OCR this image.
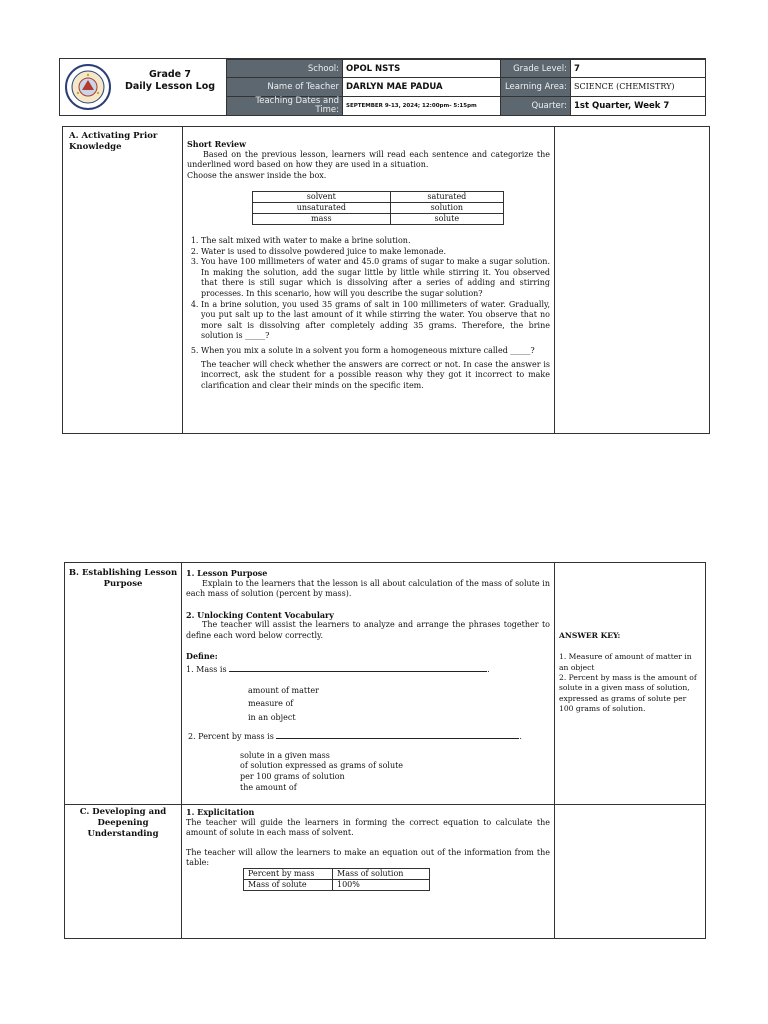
Grade 7
Daily Lesson Log
School:	OPOL NSTS	Grade Level:	7
Name of Teacher	DARLYN MAE PADUA	Learning Area:	SCIENCE (CHEMISTRY)
Teaching Dates and Time:	SEPTEMBER 9-13, 2024; 12:00pm- 5:15pm	Quarter:	1st Quarter, Week 7
A. Activating Prior Knowledge	Short Review
Based on the previous lesson, learners will read each sentence and categorize the underlined word based on how they are used in a situation.
Choose the answer inside the box.
solvent	saturated
unsaturated	solution
mass	solute
1. The salt mixed with water to make a brine solution.
2. Water is used to dissolve powdered juice to make lemonade.
3. You have 100 millimeters of water and 45.0 grams of sugar to make a sugar solution. In making the solution, add the sugar little by little while stirring it. You observed that there is still sugar which is dissolving after a series of adding and stirring processes. In this scenario, how will you describe the sugar solution?
4. In a brine solution, you used 35 grams of salt in 100 millimeters of water. Gradually, you put salt up to the last amount of it while stirring the water. You observe that no more salt is dissolving after completely adding 35 grams. Therefore, the brine solution is _____?
5. When you mix a solute in a solvent you form a homogeneous mixture called _____?
The teacher will check whether the answers are correct or not. In case the answer is incorrect, ask the student for a possible reason why they got it incorrect to make clarification and clear their minds on the specific item.
B. Establishing Lesson Purpose
1. Lesson Purpose
Explain to the learners that the lesson is all about calculation of the mass of solute in each mass of solution (percent by mass).
2. Unlocking Content Vocabulary
The teacher will assist the learners to analyze and arrange the phrases together to define each word below correctly.
Define:
1. Mass is	.
amount of matter
measure of
in an object
2. Percent by mass is	.
solute in a given mass
of solution expressed as grams of solute
per 100 grams of solution
the amount of

ANSWER KEY:

1. Measure of amount of matter in an object
2. Percent by mass is the amount of solute in a given mass of solution, expressed as grams of solute per 100 grams of solution.

C. Developing and Deepening Understanding
1. Explicitation
The teacher will guide the learners in forming the correct equation to calculate the amount of solute in each mass of solvent.
The teacher will allow the learners to make an equation out of the information from the table:
Percent by mass	Mass of solution
Mass of solute	100%
